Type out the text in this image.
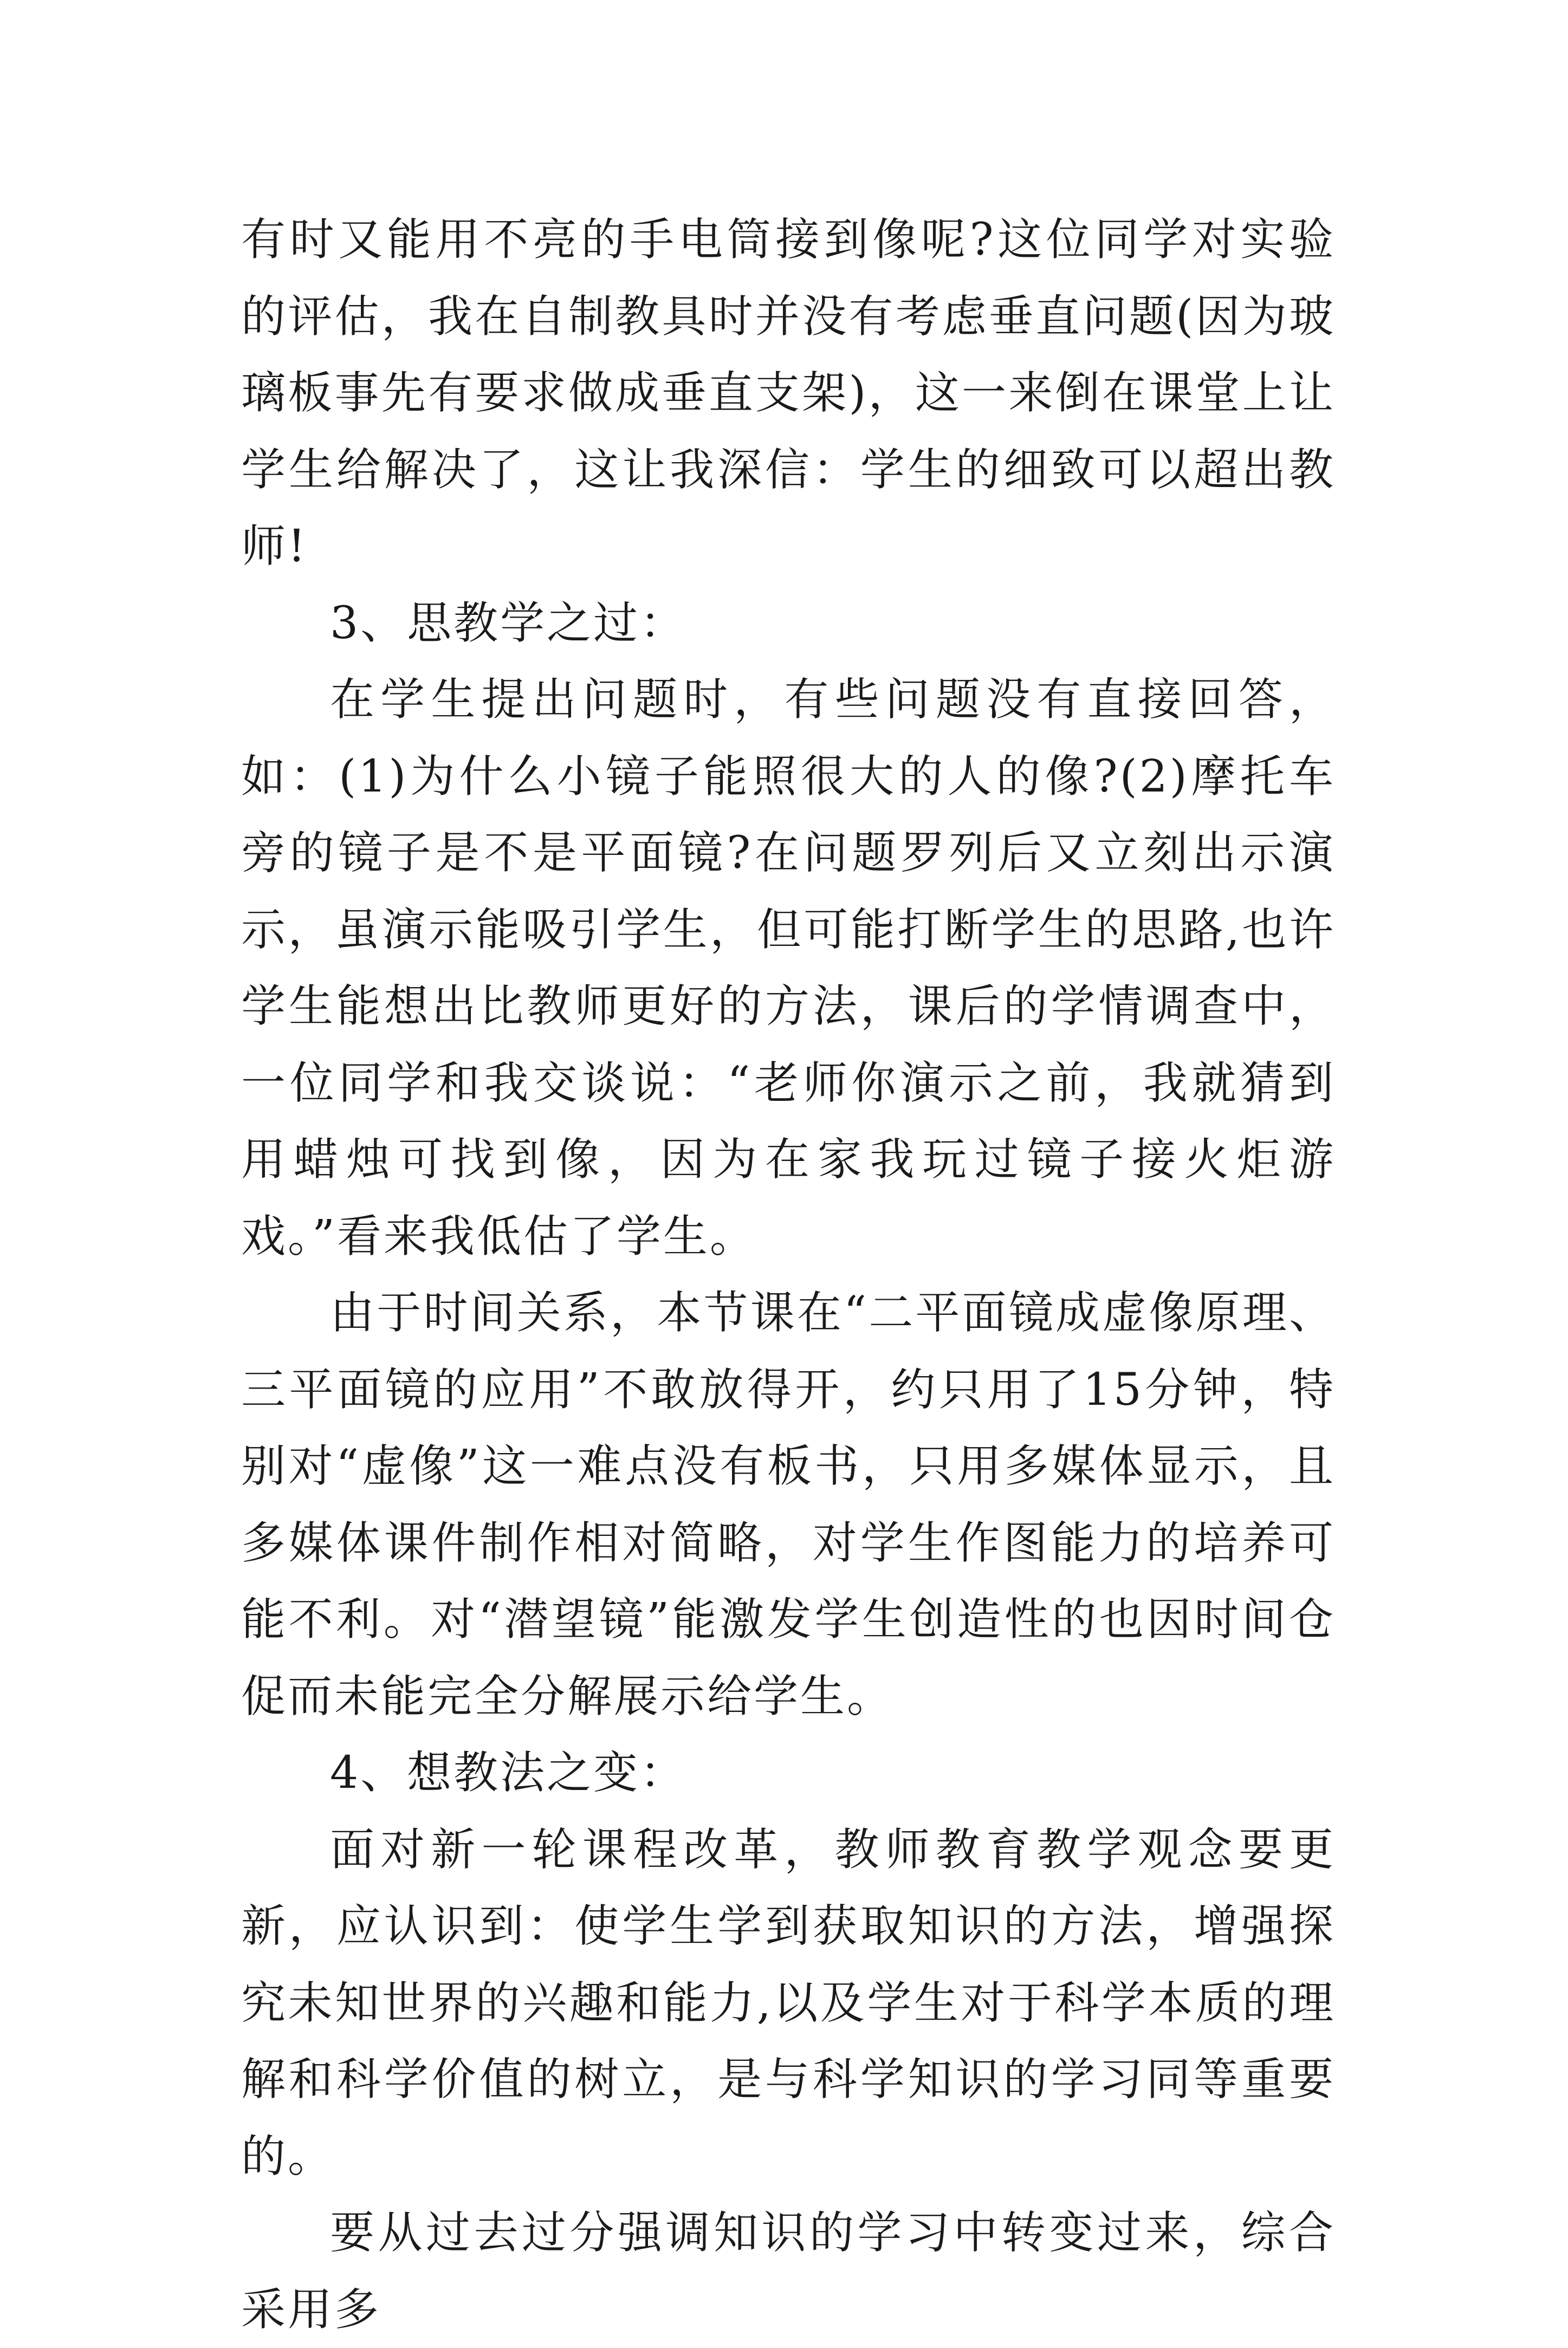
有时又能用不亮的手电筒接到像呢?这位同学对实验的评估，我在自制教具时并没有考虑垂直问题(因为玻璃板事先有要求做成垂直支架)，这一来倒在课堂上让学生给解决了，这让我深信：学生的细致可以超出教师!

3、思教学之过：

在学生提出问题时，有些问题没有直接回答，如：(1)为什么小镜子能照很大的人的像?(2)摩托车旁的镜子是不是平面镜?在问题罗列后又立刻出示演示，虽演示能吸引学生，但可能打断学生的思路,也许学生能想出比教师更好的方法，课后的学情调查中，一位同学和我交谈说：“老师你演示之前，我就猜到用蜡烛可找到像，因为在家我玩过镜子接火炬游戏。”看来我低估了学生。

由于时间关系，本节课在“二平面镜成虚像原理、三平面镜的应用”不敢放得开，约只用了15分钟，特别对“虚像”这一难点没有板书，只用多媒体显示，且多媒体课件制作相对简略，对学生作图能力的培养可能不利。对“潜望镜”能激发学生创造性的也因时间仓促而未能完全分解展示给学生。

4、想教法之变：

面对新一轮课程改革，教师教育教学观念要更新，应认识到：使学生学到获取知识的方法，增强探究未知世界的兴趣和能力,以及学生对于科学本质的理解和科学价值的树立，是与科学知识的学习同等重要的。

要从过去过分强调知识的学习中转变过来，综合采用多
